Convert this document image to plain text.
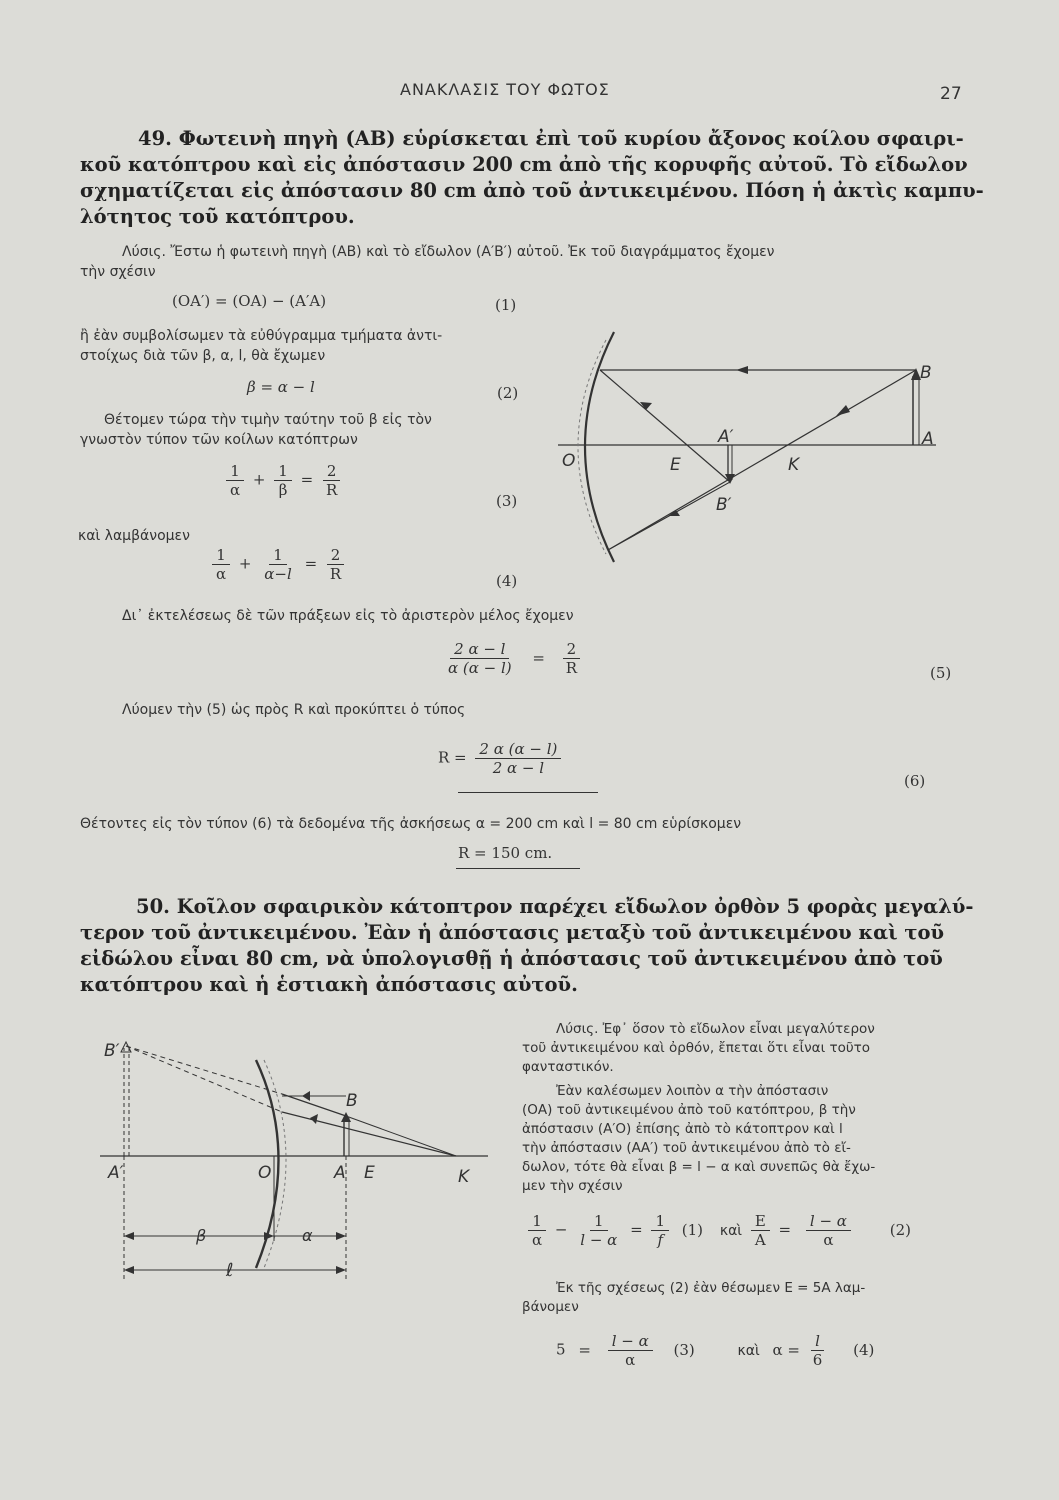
ΑΝΑΚΛΑΣΙΣ ΤΟΥ ΦΩΤΟΣ	27
49. Φωτεινὴ πηγὴ (ΑΒ) εὑρίσκεται ἐπὶ τοῦ κυρίου ἄξονος κοίλου σφαιρι-
κοῦ κατόπτρου καὶ εἰς ἀπόστασιν 200 cm ἀπὸ τῆς κορυφῆς αὐτοῦ. Τὸ εἴδωλον
σχηματίζεται εἰς ἀπόστασιν 80 cm ἀπὸ τοῦ ἀντικειμένου. Πόση ἡ ἀκτὶς καμπυ-
λότητος τοῦ κατόπτρου.
Λύσις. Ἔστω ἡ φωτεινὴ πηγὴ (ΑΒ) καὶ τὸ εἴδωλον (Α′Β′) αὐτοῦ. Ἐκ τοῦ διαγράμματος ἔχομεν
τὴν σχέσιν
(ΟΑ′) = (ΟΑ) − (Α′Α)	(1)
ἢ ἐὰν συμβολίσωμεν τὰ εὐθύγραμμα τμήματα ἀντι-
στοίχως διὰ τῶν β, α, l, θὰ ἔχωμεν
β = α − l	(2)
Θέτομεν τώρα τὴν τιμὴν ταύτην τοῦ β εἰς τὸν
γνωστὸν τύπον τῶν κοίλων κατόπτρων
$\frac{1}{\alpha} + \frac{1}{\beta} = \frac{2}{R}$
(3)
καὶ λαμβάνομεν
$\frac{1}{\alpha} + \frac{1}{\alpha-l} = \frac{2}{R}$	(4)
Δι᾽ ἐκτελέσεως δὲ τῶν πράξεων εἰς τὸ ἀριστερὸν μέλος ἔχομεν
$\frac{2 \alpha - l}{\alpha (\alpha - l)} = \frac{2}{R}$	(5)
Λύομεν τὴν (5) ὡς πρὸς R καὶ προκύπτει ὁ τύπος
$R = \frac{2 \alpha (\alpha - l)}{2 \alpha - l}$
(6)
Θέτοντες εἰς τὸν τύπον (6) τὰ δεδομένα τῆς ἀσκήσεως α = 200 cm καὶ l = 80 cm εὑρίσκομεν
R = 150 cm.
50. Κοῖλον σφαιρικὸν κάτοπτρον παρέχει εἴδωλον ὀρθὸν 5 φορὰς μεγαλύ-
τερον τοῦ ἀντικειμένου. Ἐὰν ἡ ἀπόστασις μεταξὺ τοῦ ἀντικειμένου καὶ τοῦ
εἰδώλου εἶναι 80 cm, νὰ ὑπολογισθῇ ἡ ἀπόστασις τοῦ ἀντικειμένου ἀπὸ τοῦ
κατόπτρου καὶ ἡ ἑστιακὴ ἀπόστασις αὐτοῦ.
Λύσις. Ἐφ᾽ ὅσον τὸ εἴδωλον εἶναι μεγαλύτερον
τοῦ ἀντικειμένου καὶ ὀρθόν, ἔπεται ὅτι εἶναι τοῦτο
φανταστικόν.
Ἐὰν καλέσωμεν λοιπὸν α τὴν ἀπόστασιν
(ΟΑ) τοῦ ἀντικειμένου ἀπὸ τοῦ κατόπτρου, β τὴν
ἀπόστασιν (Α′Ο) ἐπίσης ἀπὸ τὸ κάτοπτρον καὶ l
τὴν ἀπόστασιν (ΑΑ′) τοῦ ἀντικειμένου ἀπὸ τὸ εἴ-
δωλον, τότε θὰ εἶναι β = l − α καὶ συνεπῶς θὰ ἔχω-
μεν τὴν σχέσιν
$\frac{1}{\alpha} - \frac{1}{l - \alpha} = \frac{1}{f} (1)$ καὶ $\frac{E}{A} = \frac{l - \alpha}{\alpha}$	(2)
Ἐκ τῆς σχέσεως (2) ἐὰν θέσωμεν Ε = 5Α λαμ-
βάνομεν
$5 = \frac{l - \alpha}{\alpha} (3)$	καὶ $\alpha = \frac{l}{6} (4)$
O	E	K
A′
B′
B
A
B′
A′	O	A E	K
B
β	α
ℓ
